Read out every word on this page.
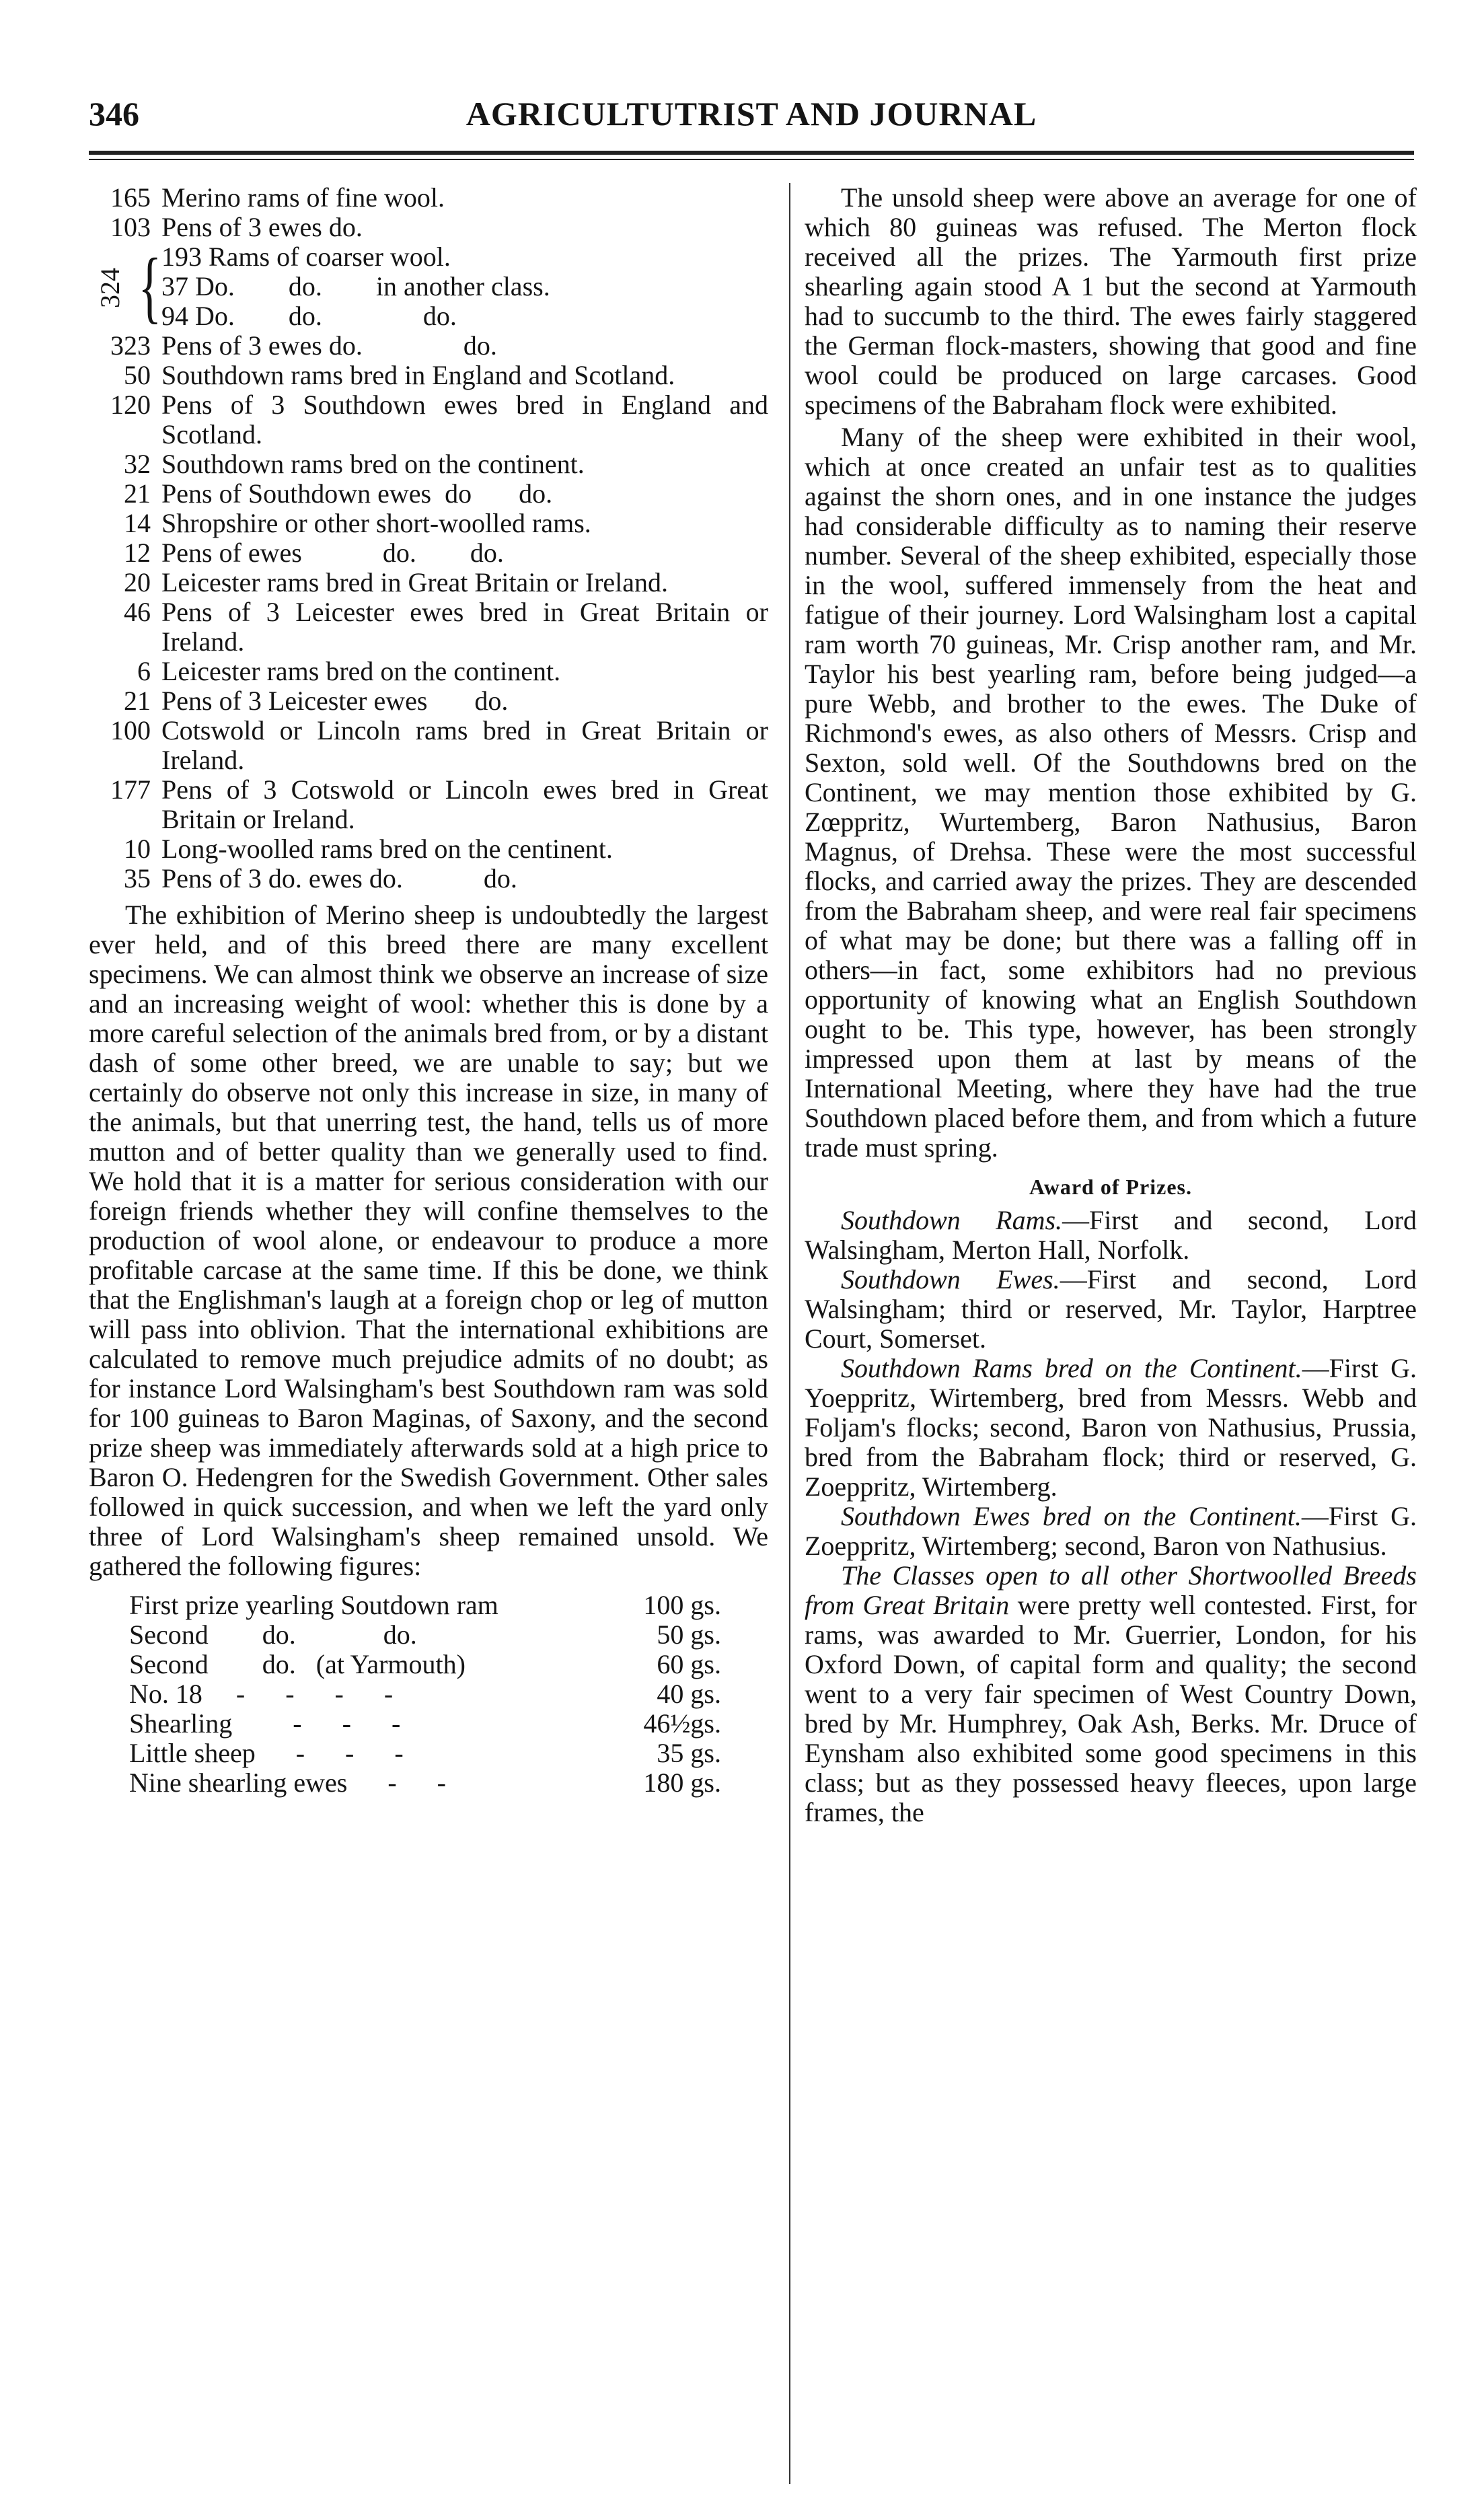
346	AGRICULTUTRIST AND JOURNAL

165 Merino rams of fine wool.

103 Pens of 3 ewes do.

324 { 193 Rams of coarser wool.

37 Do.        do.        in another class.

94 Do.        do.               do.

323 Pens of 3 ewes do.               do.

50 Southdown rams bred in England and Scotland.

120 Pens of 3 Southdown ewes bred in England and Scotland.

32 Southdown rams bred on the continent.

21 Pens of Southdown ewes  do       do.

14 Shropshire or other short-woolled rams.

12 Pens of ewes            do.        do.

20 Leicester rams bred in Great Britain or Ireland.

46 Pens of 3 Leicester ewes bred in Great Britain or Ireland.

6 Leicester rams bred on the continent.

21 Pens of 3 Leicester ewes       do.

100 Cotswold or Lincoln rams bred in Great Britain or Ireland.

177 Pens of 3 Cotswold or Lincoln ewes bred in Great Britain or Ireland.

10 Long-woolled rams bred on the centinent.

35 Pens of 3 do. ewes do.            do.

The exhibition of Merino sheep is undoubtedly the largest ever held, and of this breed there are many excellent specimens. We can almost think we observe an increase of size and an increasing weight of wool: whether this is done by a more careful selection of the animals bred from, or by a distant dash of some other breed, we are unable to say; but we certainly do observe not only this increase in size, in many of the animals, but that unerring test, the hand, tells us of more mutton and of better quality than we generally used to find. We hold that it is a matter for serious consideration with our foreign friends whether they will confine themselves to the production of wool alone, or endeavour to produce a more profitable carcase at the same time. If this be done, we think that the Englishman's laugh at a foreign chop or leg of mutton will pass into oblivion. That the international exhibitions are calculated to remove much prejudice admits of no doubt; as for instance Lord Walsingham's best Southdown ram was sold for 100 guineas to Baron Maginas, of Saxony, and the second prize sheep was immediately afterwards sold at a high price to Baron O. Hedengren for the Swedish Government. Other sales followed in quick succession, and when we left the yard only three of Lord Walsingham's sheep remained unsold. We gathered the following figures:

First prize yearling Soutdown ram	100 gs.
Second        do.             do.	50 gs.
Second        do.   (at Yarmouth)	60 gs.
No. 18     -      -      -      -	40 gs.
Shearling         -      -      -	46½gs.
Little sheep      -      -      -	35 gs.
Nine shearling ewes      -      -	180 gs.

The unsold sheep were above an average for one of which 80 guineas was refused. The Merton flock received all the prizes. The Yarmouth first prize shearling again stood A 1 but the second at Yarmouth had to succumb to the third. The ewes fairly staggered the German flock-masters, showing that good and fine wool could be produced on large carcases. Good specimens of the Babraham flock were exhibited.

Many of the sheep were exhibited in their wool, which at once created an unfair test as to qualities against the shorn ones, and in one instance the judges had considerable difficulty as to naming their reserve number. Several of the sheep exhibited, especially those in the wool, suffered immensely from the heat and fatigue of their journey. Lord Walsingham lost a capital ram worth 70 guineas, Mr. Crisp another ram, and Mr. Taylor his best yearling ram, before being judged—a pure Webb, and brother to the ewes. The Duke of Richmond's ewes, as also others of Messrs. Crisp and Sexton, sold well. Of the Southdowns bred on the Continent, we may mention those exhibited by G. Zœppritz, Wurtemberg, Baron Nathusius, Baron Magnus, of Drehsa. These were the most successful flocks, and carried away the prizes. They are descended from the Babraham sheep, and were real fair specimens of what may be done; but there was a falling off in others—in fact, some exhibitors had no previous opportunity of knowing what an English Southdown ought to be. This type, however, has been strongly impressed upon them at last by means of the International Meeting, where they have had the true Southdown placed before them, and from which a future trade must spring.

Award of Prizes.

Southdown Rams.—First and second, Lord Walsingham, Merton Hall, Norfolk.

Southdown Ewes.—First and second, Lord Walsingham; third or reserved, Mr. Taylor, Harptree Court, Somerset.

Southdown Rams bred on the Continent.—First G. Yoeppritz, Wirtemberg, bred from Messrs. Webb and Foljam's flocks; second, Baron von Nathusius, Prussia, bred from the Babraham flock; third or reserved, G. Zoeppritz, Wirtemberg.

Southdown Ewes bred on the Continent.—First G. Zoeppritz, Wirtemberg; second, Baron von Nathusius.

The Classes open to all other Shortwoolled Breeds from Great Britain were pretty well contested. First, for rams, was awarded to Mr. Guerrier, London, for his Oxford Down, of capital form and quality; the second went to a very fair specimen of West Country Down, bred by Mr. Humphrey, Oak Ash, Berks. Mr. Druce of Eynsham also exhibited some good specimens in this class; but as they possessed heavy fleeces, upon large frames, the
